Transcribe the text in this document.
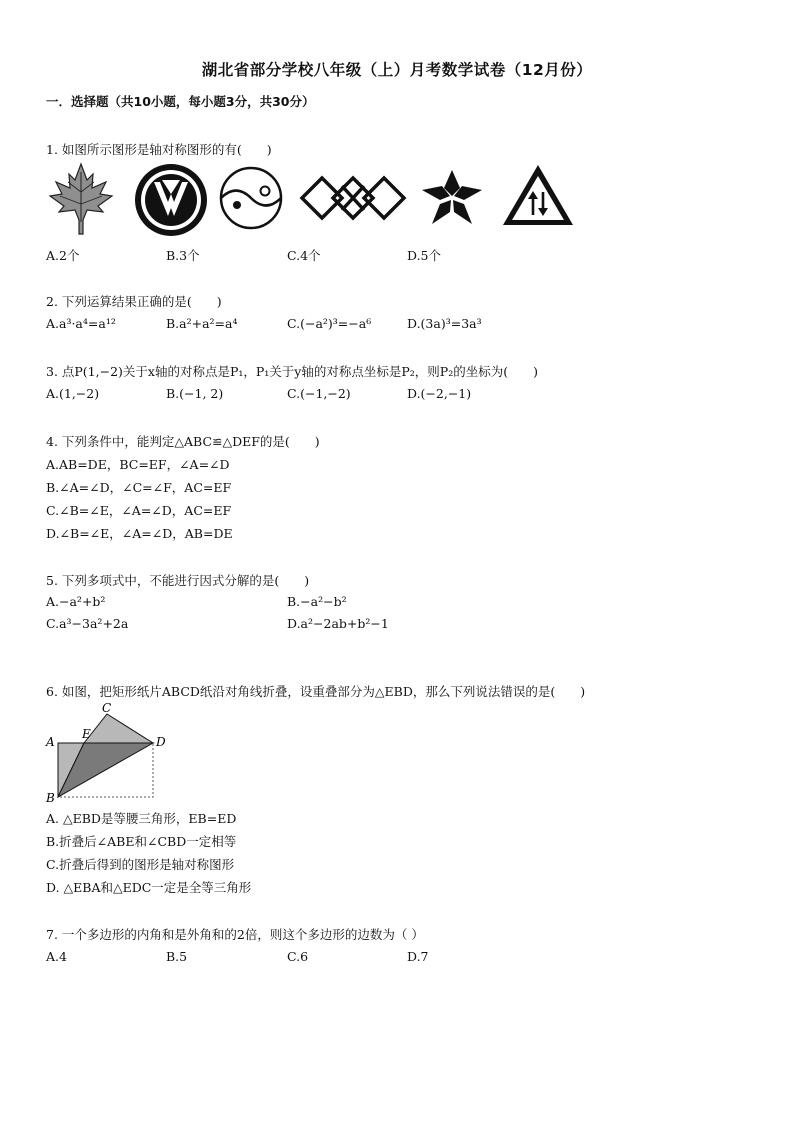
湖北省部分学校八年级（上）月考数学试卷（12月份）
一．选择题（共10小题，每小题3分，共30分）
1. 如图所示图形是轴对称图形的有(　　)
A.2个	B.3个	C.4个	D.5个
2. 下列运算结果正确的是(　　)
A.a³·a⁴=a¹²	B.a²+a²=a⁴	C.(−a²)³=−a⁶	D.(3a)³=3a³
3. 点P(1,−2)关于x轴的对称点是P₁，P₁关于y轴的对称点坐标是P₂，则P₂的坐标为(　　)
A.(1,−2)	B.(−1, 2)	C.(−1,−2)	D.(−2,−1)
4. 下列条件中，能判定△ABC≌△DEF的是(　　)
A.AB=DE，BC=EF，∠A=∠D
B.∠A=∠D，∠C=∠F，AC=EF
C.∠B=∠E，∠A=∠D，AC=EF
D.∠B=∠E，∠A=∠D，AB=DE
5. 下列多项式中，不能进行因式分解的是(　　)
A.−a²+b²	B.−a²−b²
C.a³−3a²+2a	D.a²−2ab+b²−1
6. 如图，把矩形纸片ABCD纸沿对角线折叠，设重叠部分为△EBD，那么下列说法错误的是(　　)
A
B
C
D
E
A. △EBD是等腰三角形，EB=ED
B.折叠后∠ABE和∠CBD一定相等
C.折叠后得到的图形是轴对称图形
D. △EBA和△EDC一定是全等三角形
7. 一个多边形的内角和是外角和的2倍，则这个多边形的边数为（ ）
A.4	B.5	C.6	D.7
